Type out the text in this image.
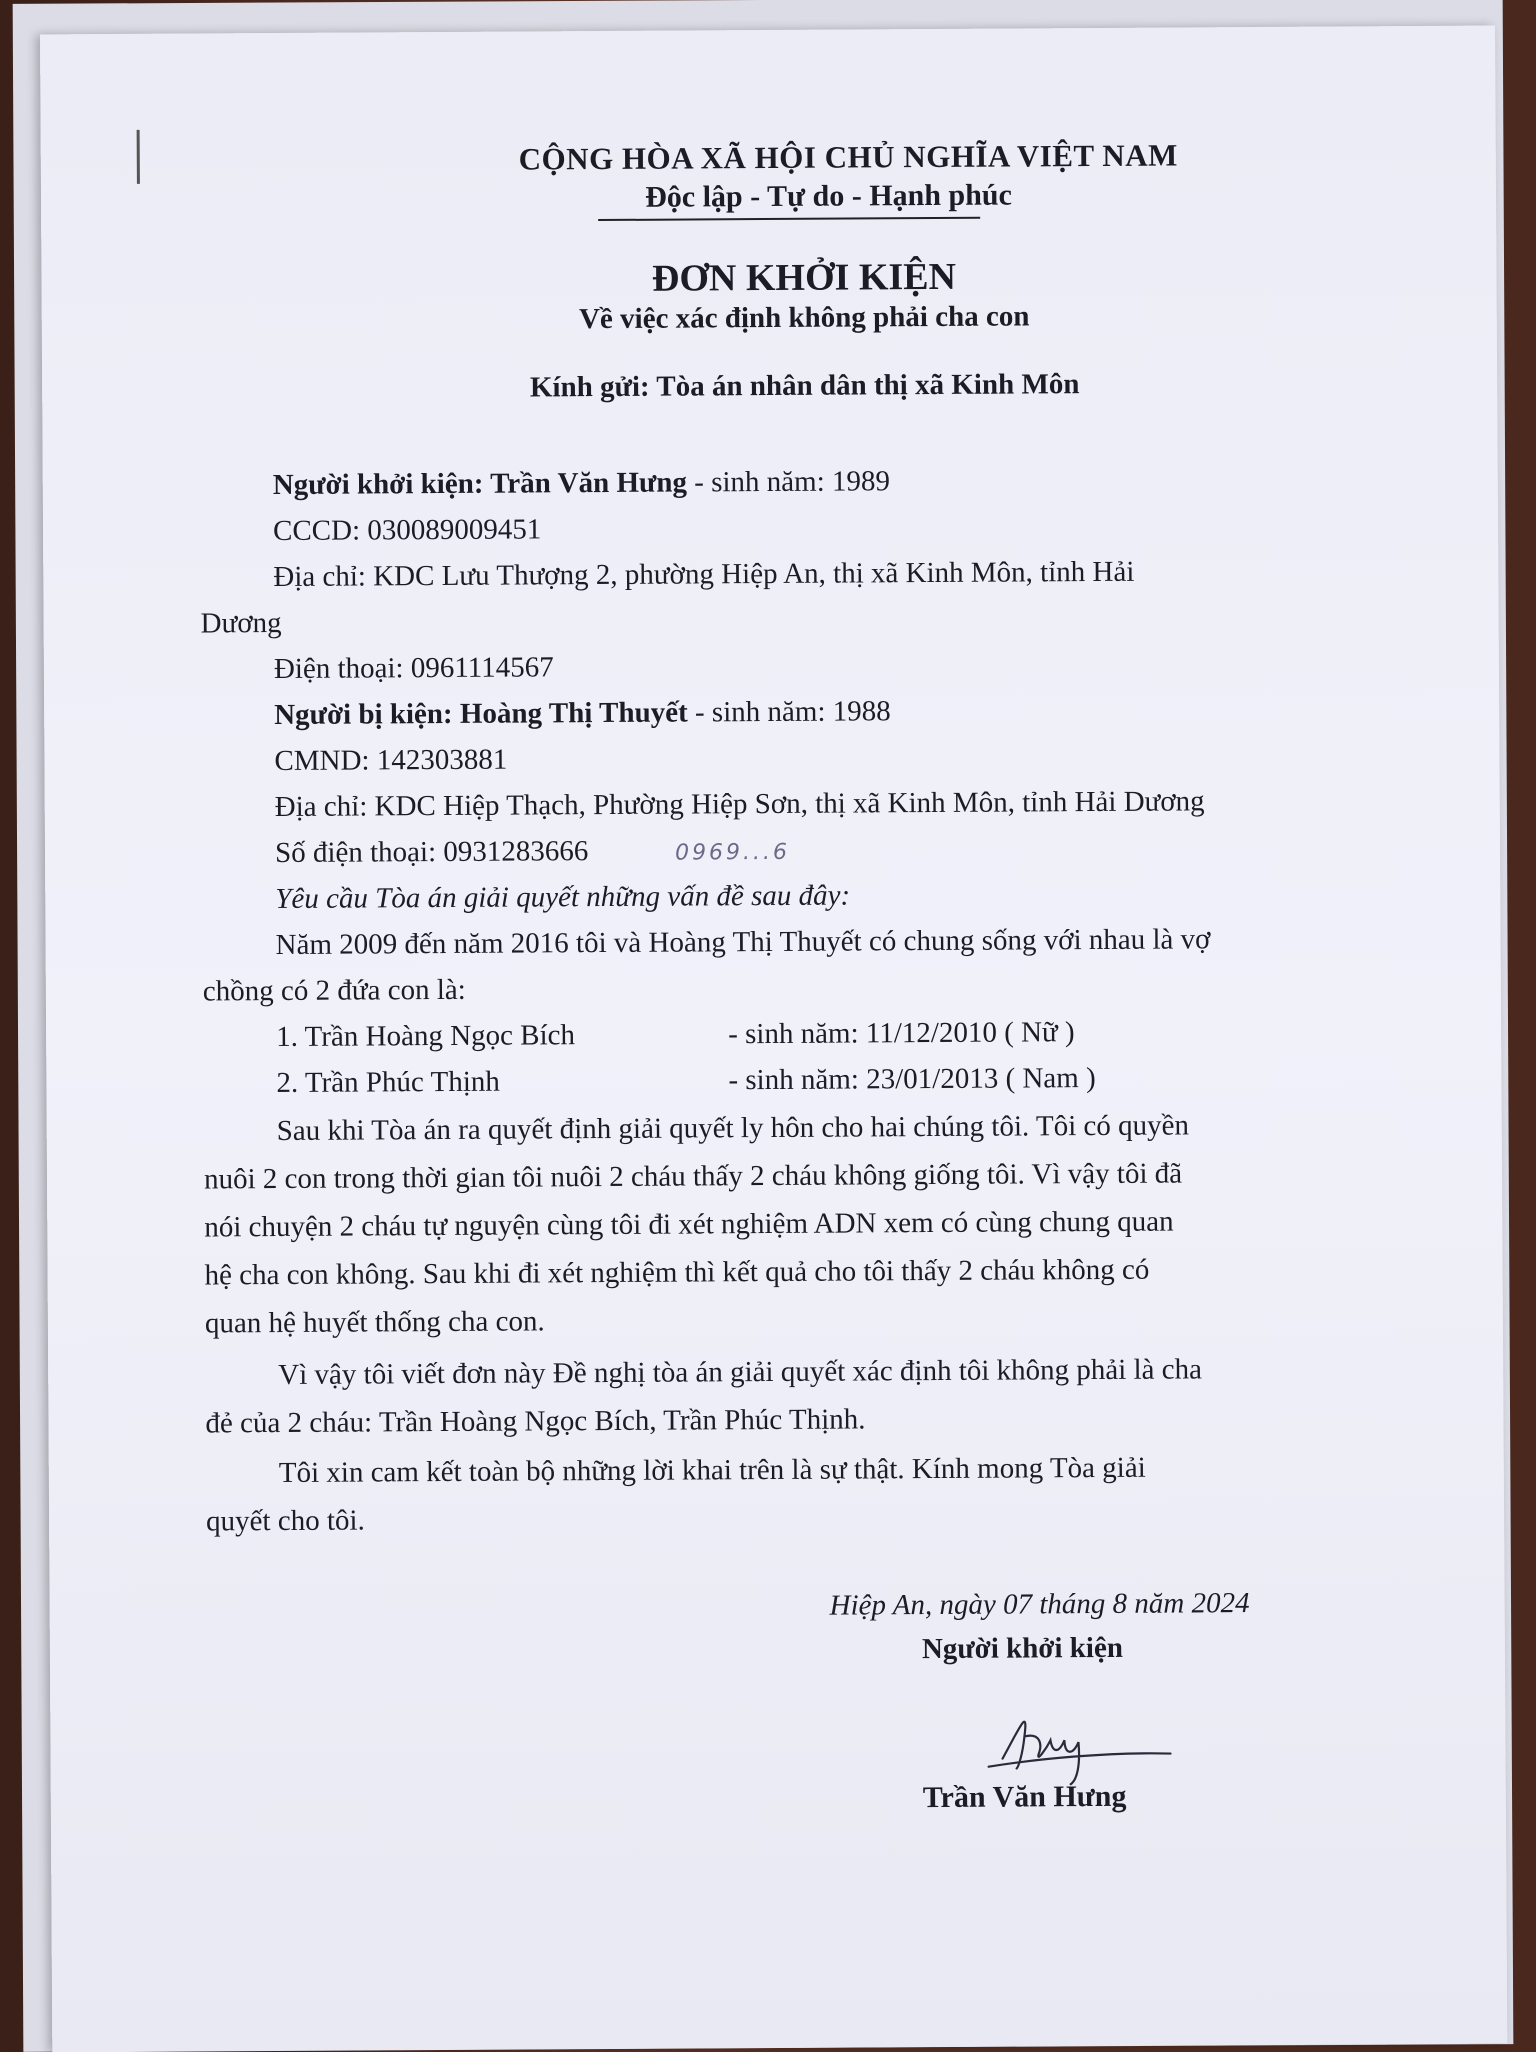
CỘNG HÒA XÃ HỘI CHỦ NGHĨA VIỆT NAM
Độc lập - Tự do - Hạnh phúc
ĐƠN KHỞI KIỆN
Về việc xác định không phải cha con
Kính gửi: Tòa án nhân dân thị xã Kinh Môn
Người khởi kiện: Trần Văn Hưng - sinh năm: 1989
CCCD: 030089009451
Địa chỉ: KDC Lưu Thượng 2, phường Hiệp An, thị xã Kinh Môn, tỉnh Hải
Dương
Điện thoại: 0961114567
Người bị kiện: Hoàng Thị Thuyết - sinh năm: 1988
CMND: 142303881
Địa chỉ: KDC Hiệp Thạch, Phường Hiệp Sơn, thị xã Kinh Môn, tỉnh Hải Dương
Số điện thoại: 0931283666	0969...6
Yêu cầu Tòa án giải quyết những vấn đề sau đây:
Năm 2009 đến năm 2016 tôi và Hoàng Thị Thuyết có chung sống với nhau là vợ
chồng có 2 đứa con là:
1. Trần Hoàng Ngọc Bích	- sinh năm: 11/12/2010 ( Nữ )
2. Trần Phúc Thịnh	- sinh năm: 23/01/2013 ( Nam )
Sau khi Tòa án ra quyết định giải quyết ly hôn cho hai chúng tôi. Tôi có quyền
nuôi 2 con trong thời gian tôi nuôi 2 cháu thấy 2 cháu không giống tôi. Vì vậy tôi đã
nói chuyện 2 cháu tự nguyện cùng tôi đi xét nghiệm ADN xem có cùng chung quan
hệ cha con không. Sau khi đi xét nghiệm thì kết quả cho tôi thấy 2 cháu không có
quan hệ huyết thống cha con.
Vì vậy tôi viết đơn này Đề nghị tòa án giải quyết xác định tôi không phải là cha
đẻ của 2 cháu: Trần Hoàng Ngọc Bích, Trần Phúc Thịnh.
Tôi xin cam kết toàn bộ những lời khai trên là sự thật. Kính mong Tòa giải
quyết cho tôi.
Hiệp An, ngày 07 tháng 8 năm 2024
Người khởi kiện
Trần Văn Hưng
